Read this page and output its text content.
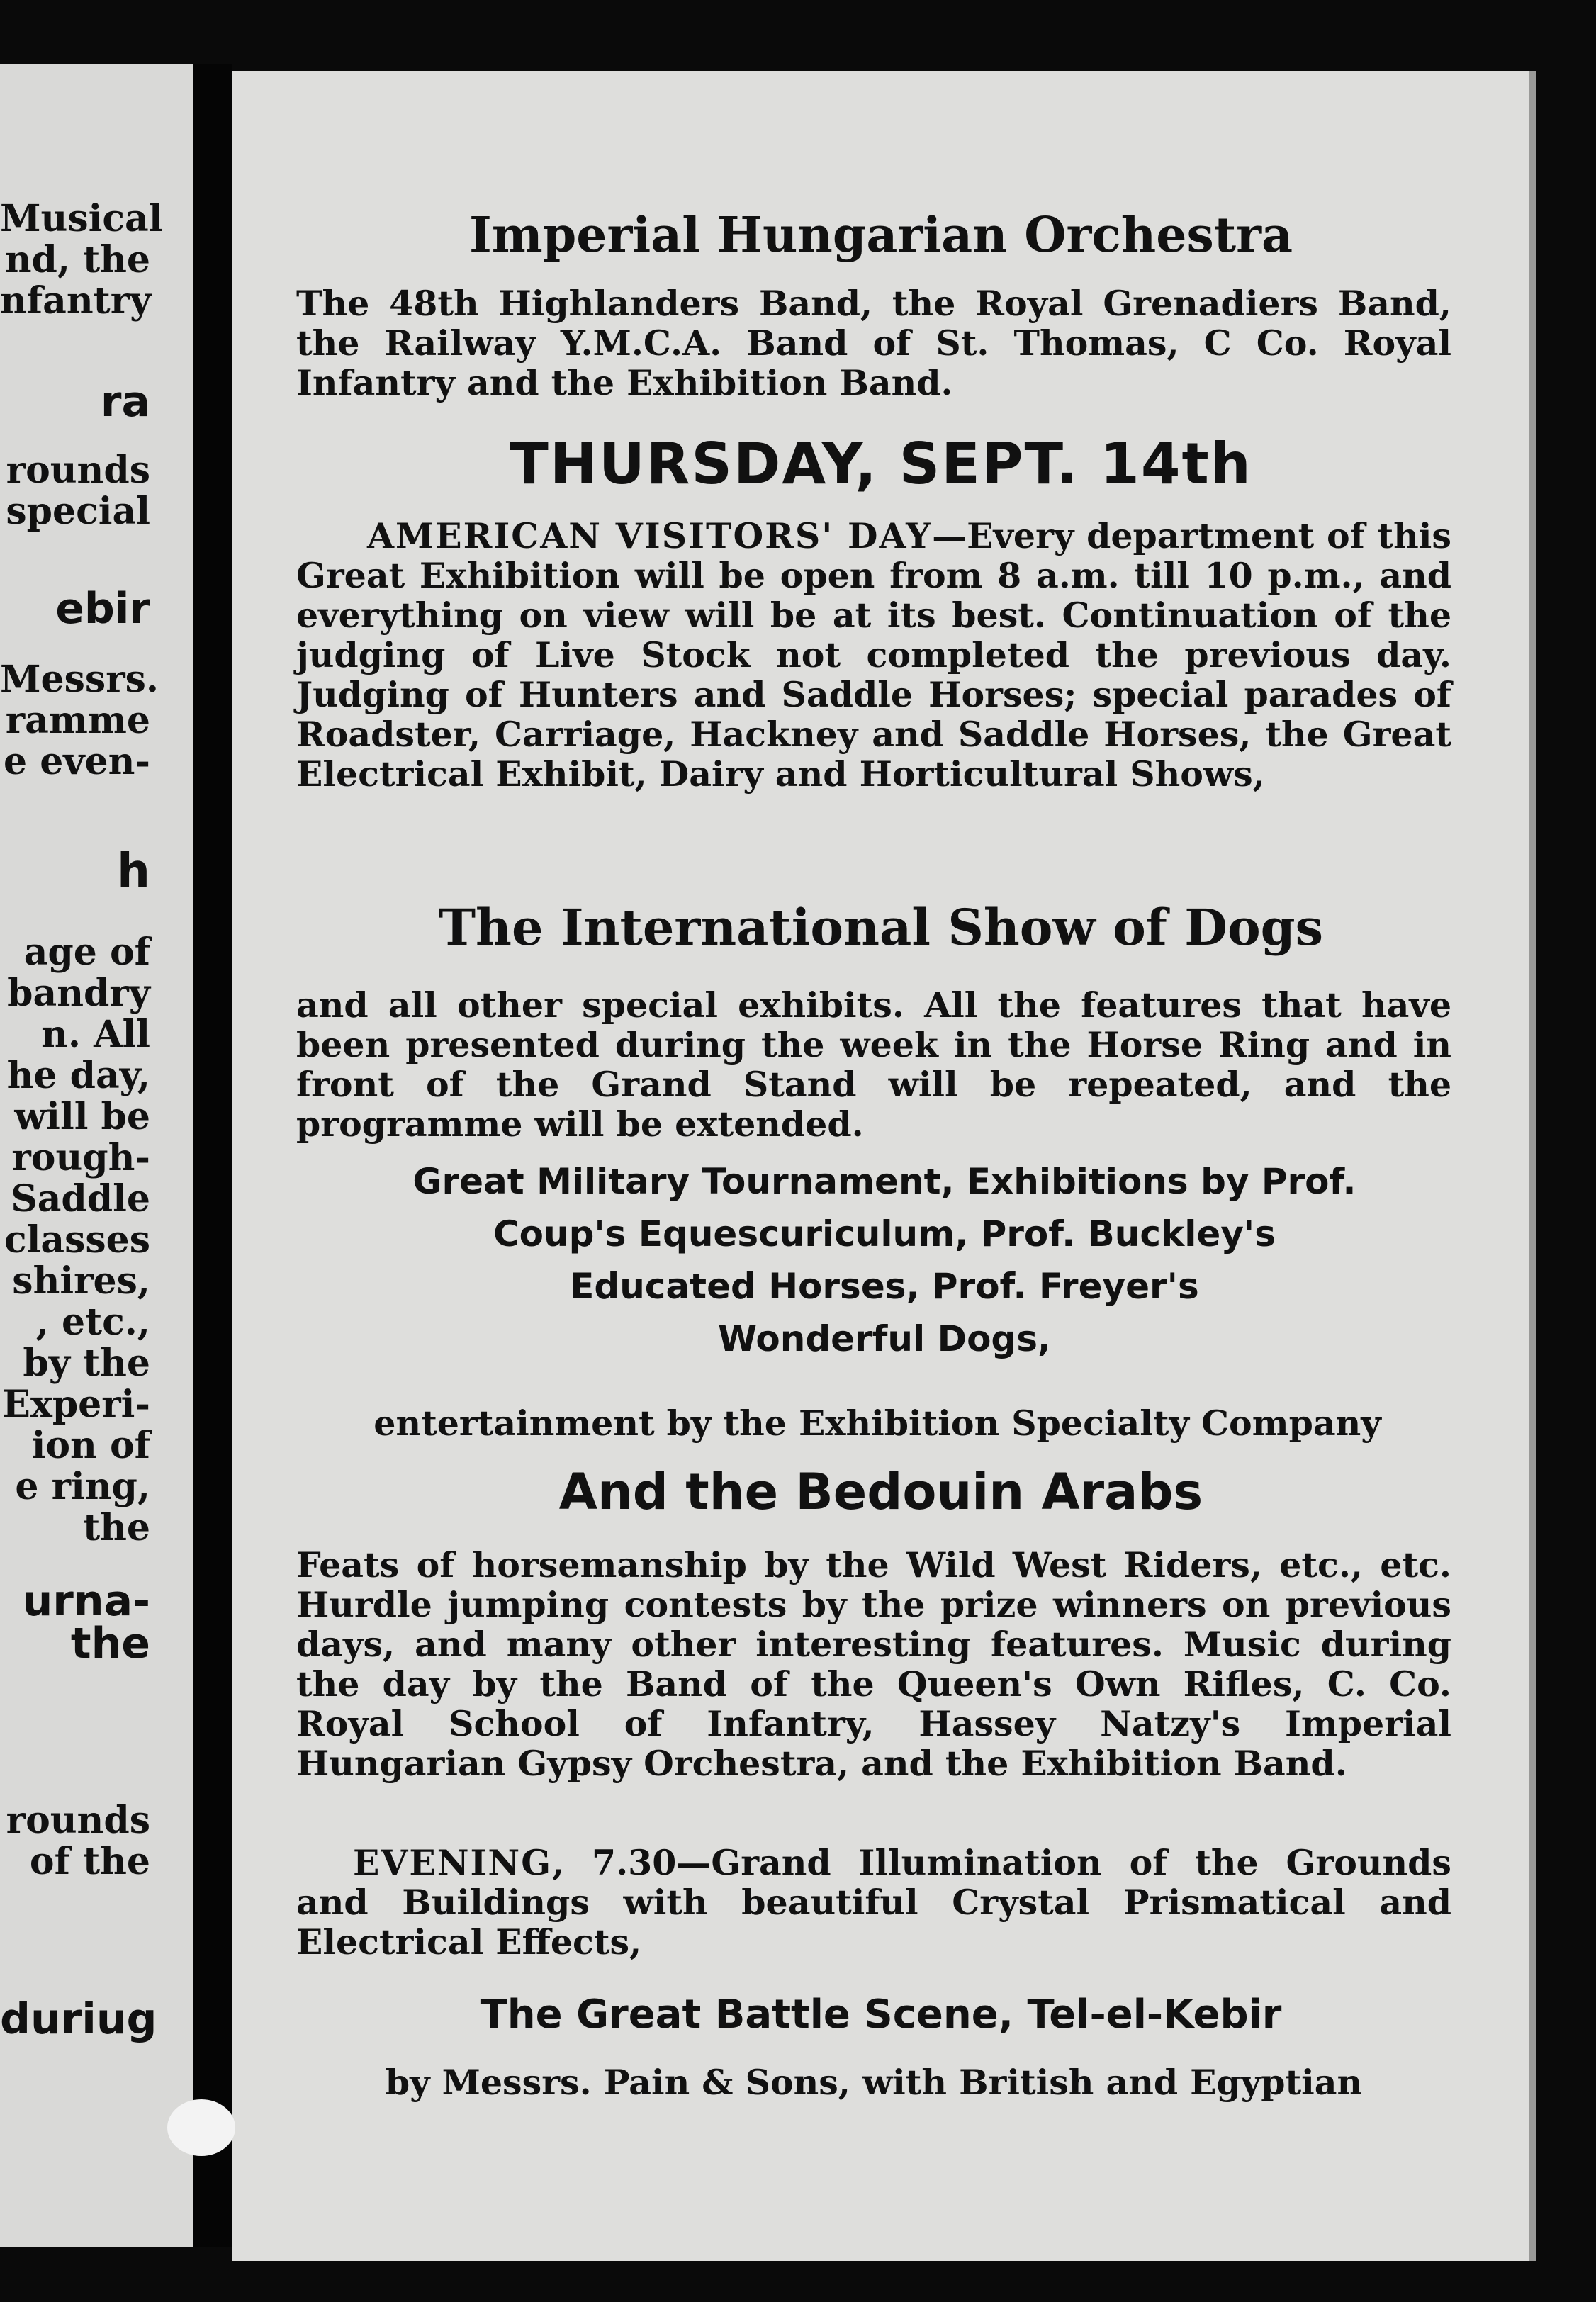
Musical
nd, the
nfantry
ra
rounds
special
ebir
Messrs.
ramme
e even-
h
age of
bandry
n. All
he day,
will be
rough-
Saddle
classes
shires,
, etc.,
by the
Experi-
ion of
e ring,
the
urna-
the
rounds
of the
duriug
Imperial Hungarian Orchestra

The 48th Highlanders Band, the Royal Grenadiers Band, the Railway Y.M.C.A. Band of St. Thomas, C Co. Royal Infantry and the Exhibition Band.

THURSDAY, SEPT. 14th

AMERICAN VISITORS' DAY—Every department of this Great Exhibition will be open from 8 a.m. till 10 p.m., and everything on view will be at its best. Continuation of the judging of Live Stock not completed the previous day. Judging of Hunters and Saddle Horses; special parades of Roadster, Carriage, Hackney and Saddle Horses, the Great Electrical Exhibit, Dairy and Horticultural Shows,

The International Show of Dogs

and all other special exhibits. All the features that have been presented during the week in the Horse Ring and in front of the Grand Stand will be repeated, and the programme will be extended.

Great Military Tournament, Exhibitions by Prof.
Coup's Equescuriculum, Prof. Buckley's
Educated Horses, Prof. Freyer's
Wonderful Dogs,

entertainment by the Exhibition Specialty Company

And the Bedouin Arabs

Feats of horsemanship by the Wild West Riders, etc., etc. Hurdle jumping contests by the prize winners on previous days, and many other interesting features. Music during the day by the Band of the Queen's Own Rifles, C. Co. Royal School of Infantry, Hassey Natzy's Imperial Hungarian Gypsy Orchestra, and the Exhibition Band.

EVENING, 7.30—Grand Illumination of the Grounds and Buildings with beautiful Crystal Prismatical and Electrical Effects,

The Great Battle Scene, Tel-el-Kebir

by Messrs. Pain & Sons, with British and Egyptian
